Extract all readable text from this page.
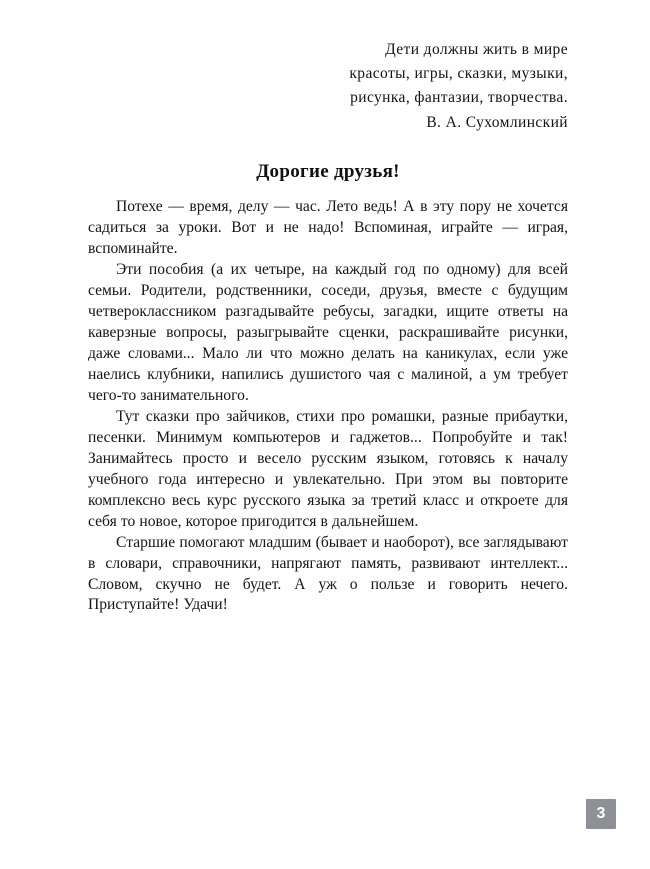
Дети должны жить в мире
красоты, игры, сказки, музыки,
рисунка, фантазии, творчества.
В. А. Сухомлинский
Дорогие друзья!

Потехе — время, делу — час. Лето ведь! А в эту пору не хочется садиться за уроки. Вот и не надо! Вспоминая, играйте — играя, вспоминайте.

Эти пособия (а их четыре, на каждый год по одному) для всей семьи. Родители, родственники, соседи, друзья, вместе с будущим четвероклассником разгадывайте ребусы, загадки, ищите ответы на каверзные вопросы, разыгрывайте сценки, раскрашивайте рисунки, даже словами... Мало ли что можно делать на каникулах, если уже наелись клубники, напились душистого чая с малиной, а ум требует чего-то занимательного.

Тут сказки про зайчиков, стихи про ромашки, разные прибаутки, песенки. Минимум компьютеров и гаджетов... Попробуйте и так! Занимайтесь просто и весело русским языком, готовясь к началу учебного года интересно и увлекательно. При этом вы повторите комплексно весь курс русского языка за третий класс и откроете для себя то новое, которое пригодится в дальнейшем.

Старшие помогают младшим (бывает и наоборот), все заглядывают в словари, справочники, напрягают память, развивают интеллект... Словом, скучно не будет. А уж о пользе и говорить нечего. Приступайте! Удачи!

3
